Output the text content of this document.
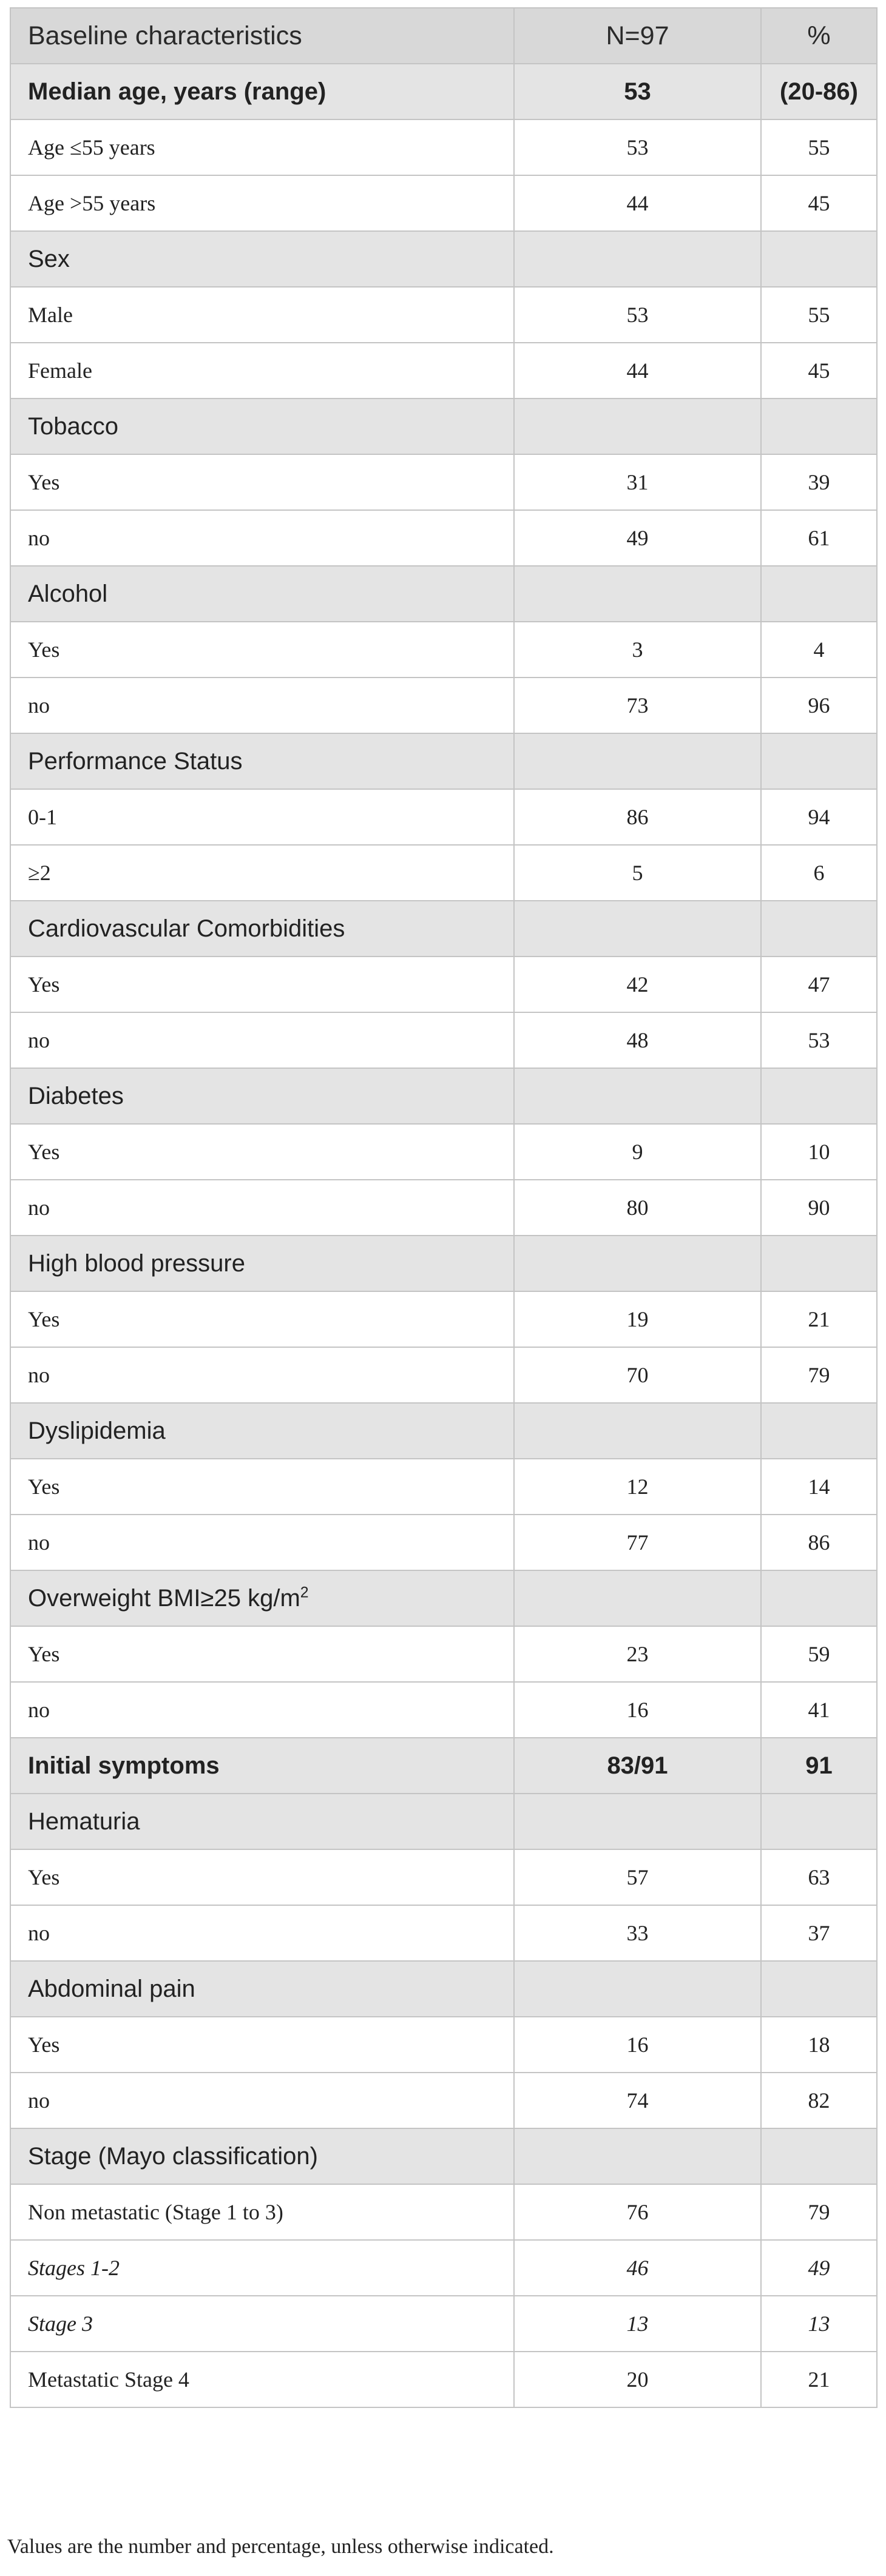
Baseline characteristics	N=97	%
Median age, years (range)	53	(20-86)
Age ≤55 years	53	55
Age >55 years	44	45
Sex		
Male	53	55
Female	44	45
Tobacco		
Yes	31	39
no	49	61
Alcohol		
Yes	3	4
no	73	96
Performance Status		
0-1	86	94
≥2	5	6
Cardiovascular Comorbidities		
Yes	42	47
no	48	53
Diabetes		
Yes	9	10
no	80	90
High blood pressure		
Yes	19	21
no	70	79
Dyslipidemia		
Yes	12	14
no	77	86
Overweight BMI≥25 $kg/m^2$		
Yes	23	59
no	16	41
Initial symptoms	83/91	91
Hematuria		
Yes	57	63
no	33	37
Abdominal pain		
Yes	16	18
no	74	82
Stage (Mayo classification)		
Non metastatic (Stage 1 to 3)	76	79
Stages 1-2	46	49
Stage 3	13	13
Metastatic Stage 4	20	21
Values are the number and percentage, unless otherwise indicated.
